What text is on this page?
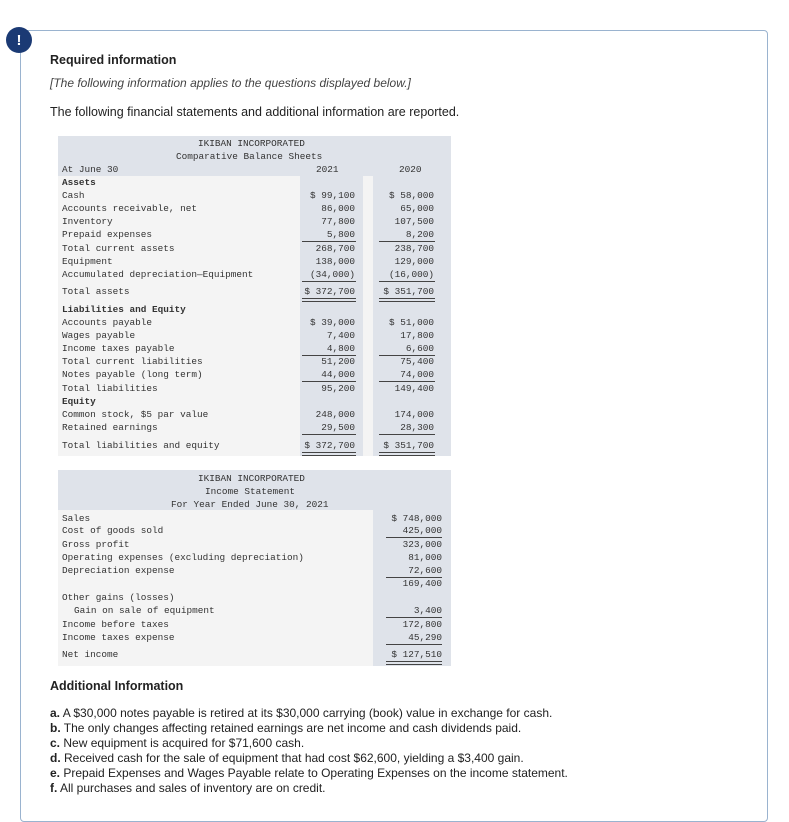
!
Required information
[The following information applies to the questions displayed below.]
The following financial statements and additional information are reported.
IKIBAN INCORPORATED
Comparative Balance Sheets
At June 30	2021	2020
Assets
Cash	$ 99,100	$ 58,000
Accounts receivable, net	86,000	65,000
Inventory	77,800	107,500
Prepaid expenses	5,800	8,200
Total current assets	268,700	238,700
Equipment	138,000	129,000
Accumulated depreciation—Equipment	(34,000)	(16,000)
Total assets	$ 372,700	$ 351,700
Liabilities and Equity
Accounts payable	$ 39,000	$ 51,000
Wages payable	7,400	17,800
Income taxes payable	4,800	6,600
Total current liabilities	51,200	75,400
Notes payable (long term)	44,000	74,000
Total liabilities	95,200	149,400
Equity
Common stock, $5 par value	248,000	174,000
Retained earnings	29,500	28,300
Total liabilities and equity	$ 372,700	$ 351,700
IKIBAN INCORPORATED
Income Statement
For Year Ended June 30, 2021
Sales	$ 748,000
Cost of goods sold	425,000
Gross profit	323,000
Operating expenses (excluding depreciation)	81,000
Depreciation expense	72,600
169,400
Other gains (losses)
Gain on sale of equipment	3,400
Income before taxes	172,800
Income taxes expense	45,290
Net income	$ 127,510
Additional Information
a. A $30,000 notes payable is retired at its $30,000 carrying (book) value in exchange for cash.
b. The only changes affecting retained earnings are net income and cash dividends paid.
c. New equipment is acquired for $71,600 cash.
d. Received cash for the sale of equipment that had cost $62,600, yielding a $3,400 gain.
e. Prepaid Expenses and Wages Payable relate to Operating Expenses on the income statement.
f. All purchases and sales of inventory are on credit.
